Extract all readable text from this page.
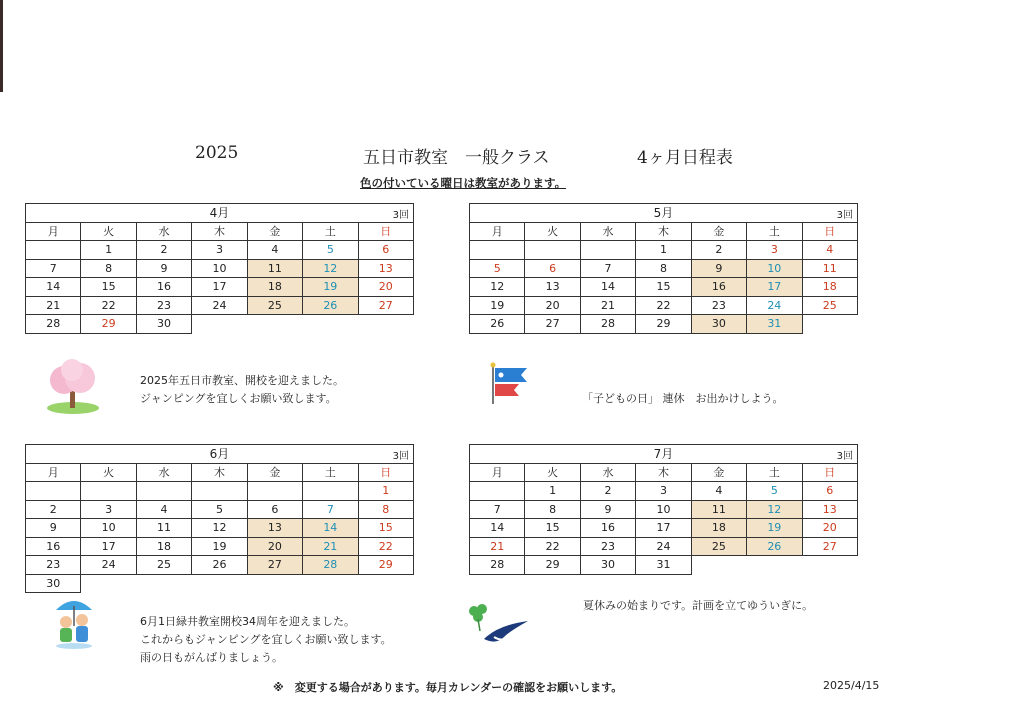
2025	五日市教室　一般クラス	4ヶ月日程表
色の付いている曜日は教室があります。
4月 3回						

月	火	水	木	金	土	日
	1	2	3	4	5	6
7	8	9	10	11	12	13
14	15	16	17	18	19	20
21	22	23	24	25	26	27
28	29	30				
5月 3回						

月	火	水	木	金	土	日
			1	2	3	4
5	6	7	8	9	10	11
12	13	14	15	16	17	18
19	20	21	22	23	24	25
26	27	28	29	30	31	
6月 3回						

月	火	水	木	金	土	日
						1
2	3	4	5	6	7	8
9	10	11	12	13	14	15
16	17	18	19	20	21	22
23	24	25	26	27	28	29
30						
7月 3回						

月	火	水	木	金	土	日
	1	2	3	4	5	6
7	8	9	10	11	12	13
14	15	16	17	18	19	20
21	22	23	24	25	26	27
28	29	30	31			
2025年五日市教室、開校を迎えました。
ジャンピングを宜しくお願い致します。	「子どもの日」 連休　お出かけしよう。
6月1日緑井教室開校34周年を迎えました。
これからもジャンピングを宜しくお願い致します。
雨の日もがんばりましょう。
夏休みの始まりです。計画を立てゆういぎに。
※　変更する場合があります。毎月カレンダーの確認をお願いします。	2025/4/15
